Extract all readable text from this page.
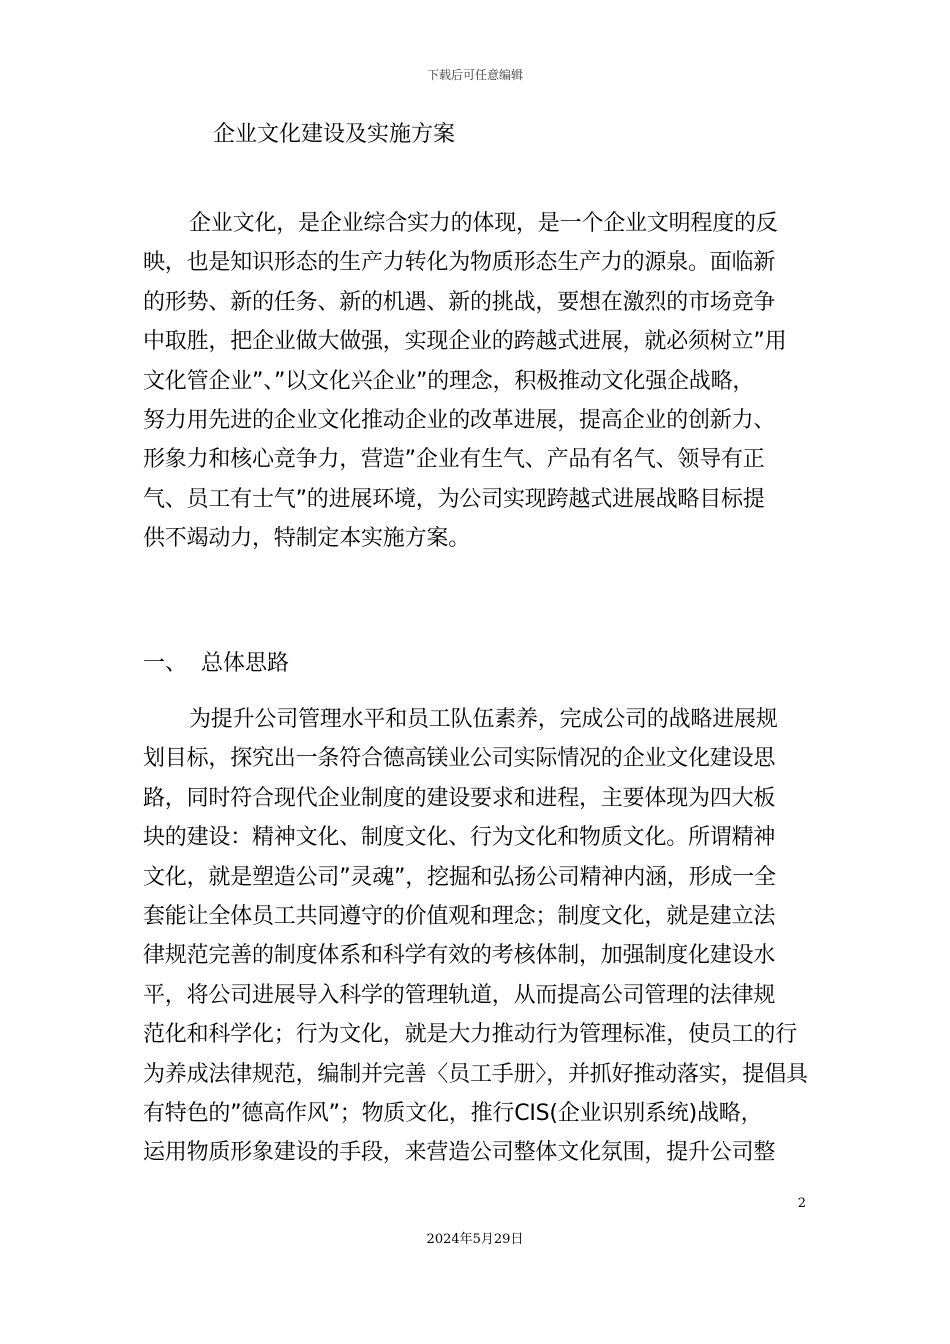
下载后可任意编辑
企业文化建设及实施方案
企业文化，是企业综合实力的体现，是一个企业文明程度的反
映，也是知识形态的生产力转化为物质形态生产力的源泉。面临新
的形势、新的任务、新的机遇、新的挑战，要想在激烈的市场竞争
中取胜，把企业做大做强，实现企业的跨越式进展，就必须树立”用
文化管企业”、”以文化兴企业”的理念，积极推动文化强企战略，
努力用先进的企业文化推动企业的改革进展，提高企业的创新力、
形象力和核心竞争力，营造”企业有生气、产品有名气、领导有正
气、员工有士气”的进展环境，为公司实现跨越式进展战略目标提
供不竭动力，特制定本实施方案。
一、 总体思路
为提升公司管理水平和员工队伍素养，完成公司的战略进展规
划目标，探究出一条符合德高镁业公司实际情况的企业文化建设思
路，同时符合现代企业制度的建设要求和进程，主要体现为四大板
块的建设：精神文化、制度文化、行为文化和物质文化。所谓精神
文化，就是塑造公司”灵魂”，挖掘和弘扬公司精神内涵，形成一全
套能让全体员工共同遵守的价值观和理念；制度文化，就是建立法
律规范完善的制度体系和科学有效的考核体制，加强制度化建设水
平，将公司进展导入科学的管理轨道，从而提高公司管理的法律规
范化和科学化；行为文化，就是大力推动行为管理标准，使员工的行
为养成法律规范，编制并完善〈员工手册〉，并抓好推动落实，提倡具
有特色的”德高作风”；物质文化，推行CIS(企业识别系统)战略，
运用物质形象建设的手段，来营造公司整体文化氛围，提升公司整
2
2024年5月29日
